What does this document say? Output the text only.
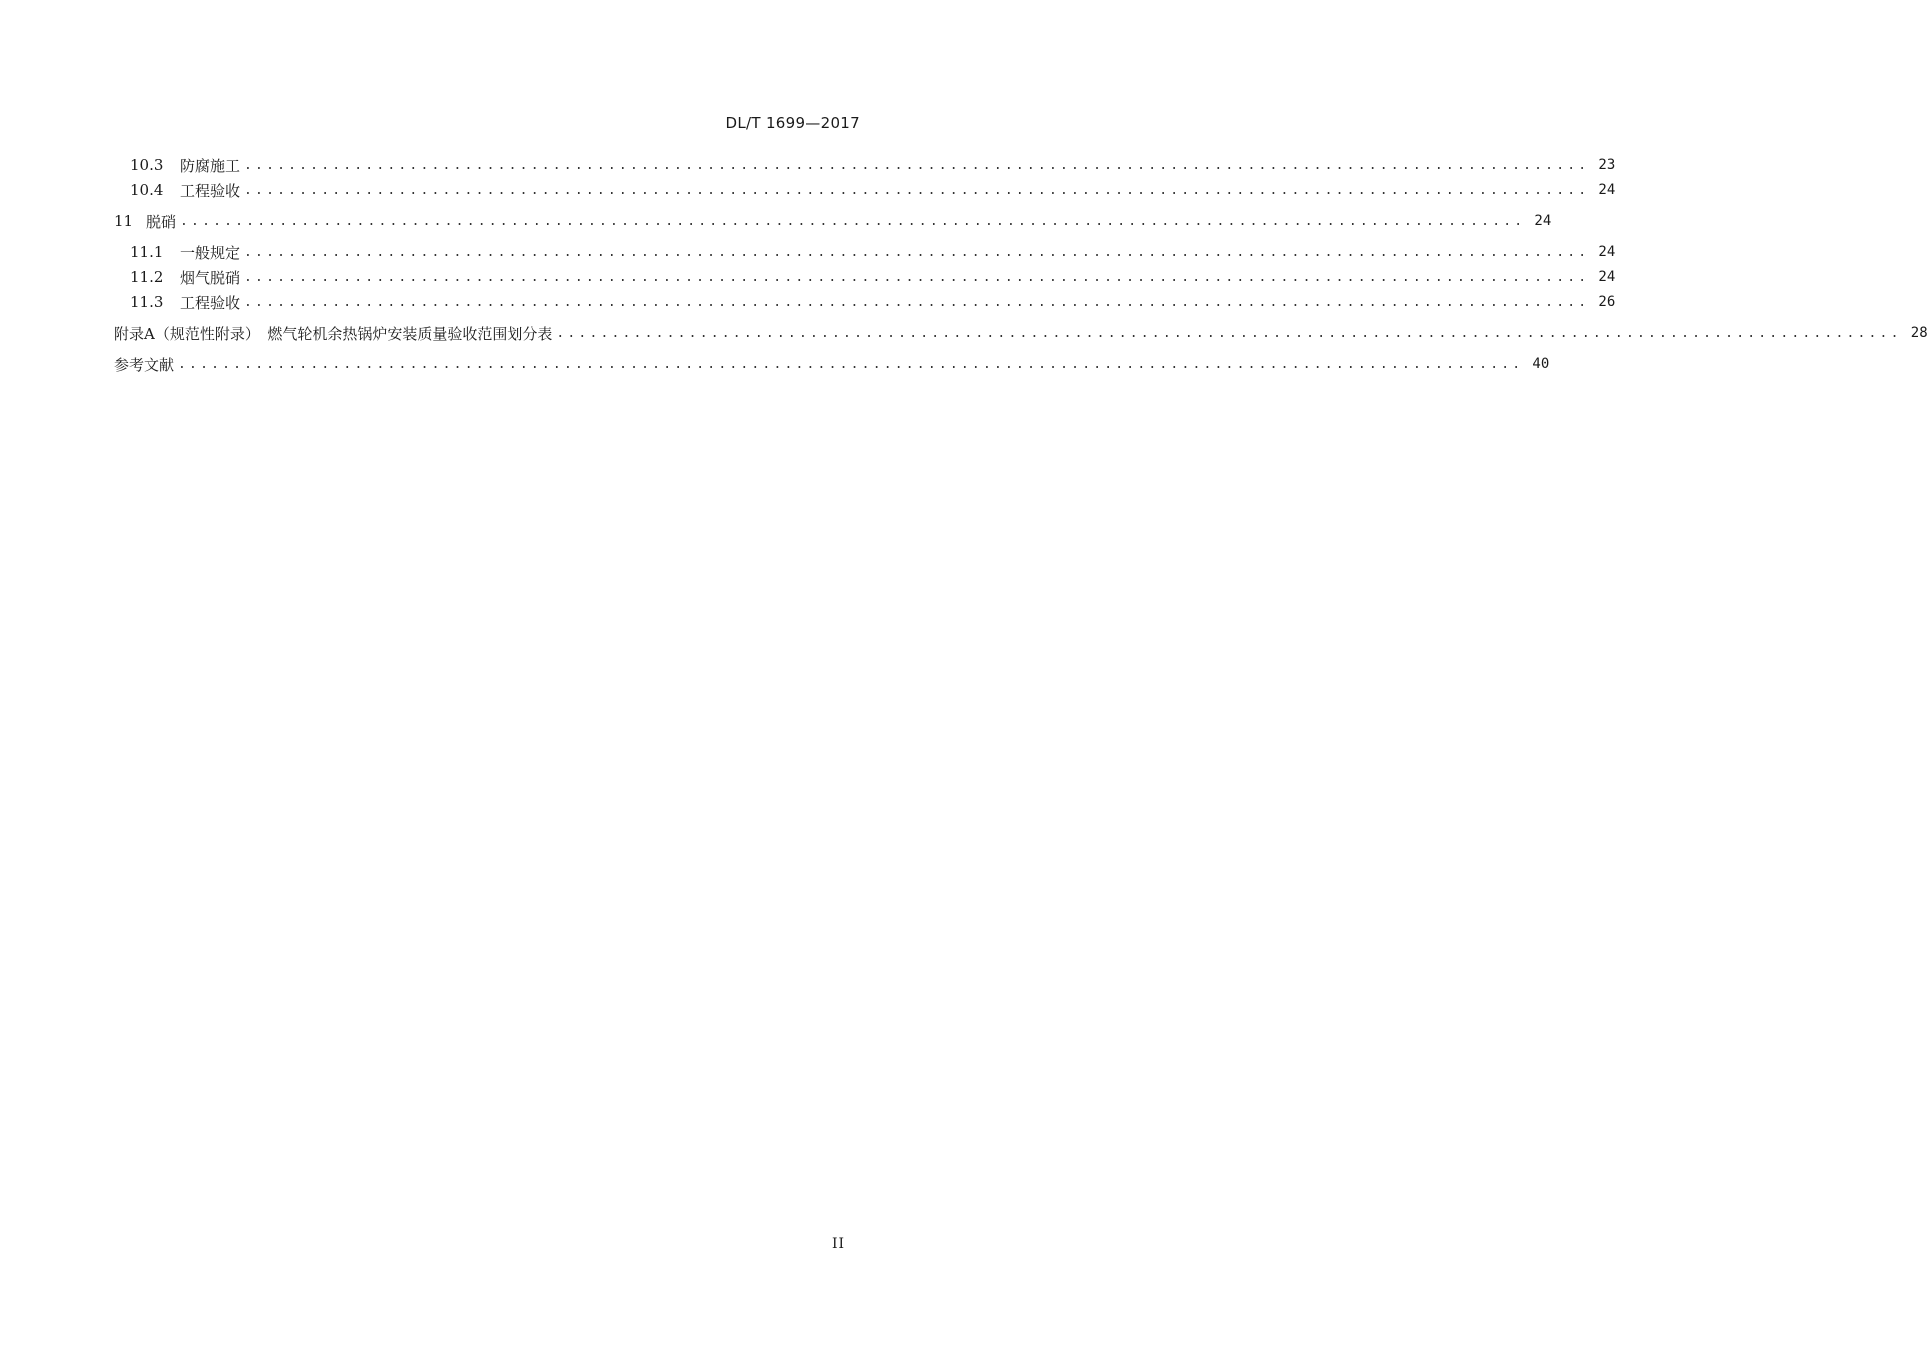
DL/T 1699—2017
10.3	防腐施工 .......................................................................................................................... 23
10.4	工程验收 .......................................................................................................................... 24
11 脱硝 .......................................................................................................................... 24
11.1	一般规定 .......................................................................................................................... 24
11.2	烟气脱硝 .......................................................................................................................... 24
11.3	工程验收 .......................................................................................................................... 26
附录A （规范性附录）　燃气轮机余热锅炉安装质量验收范围划分表 .......................................................................................................................... 28
参考文献 .......................................................................................................................... 40
II
